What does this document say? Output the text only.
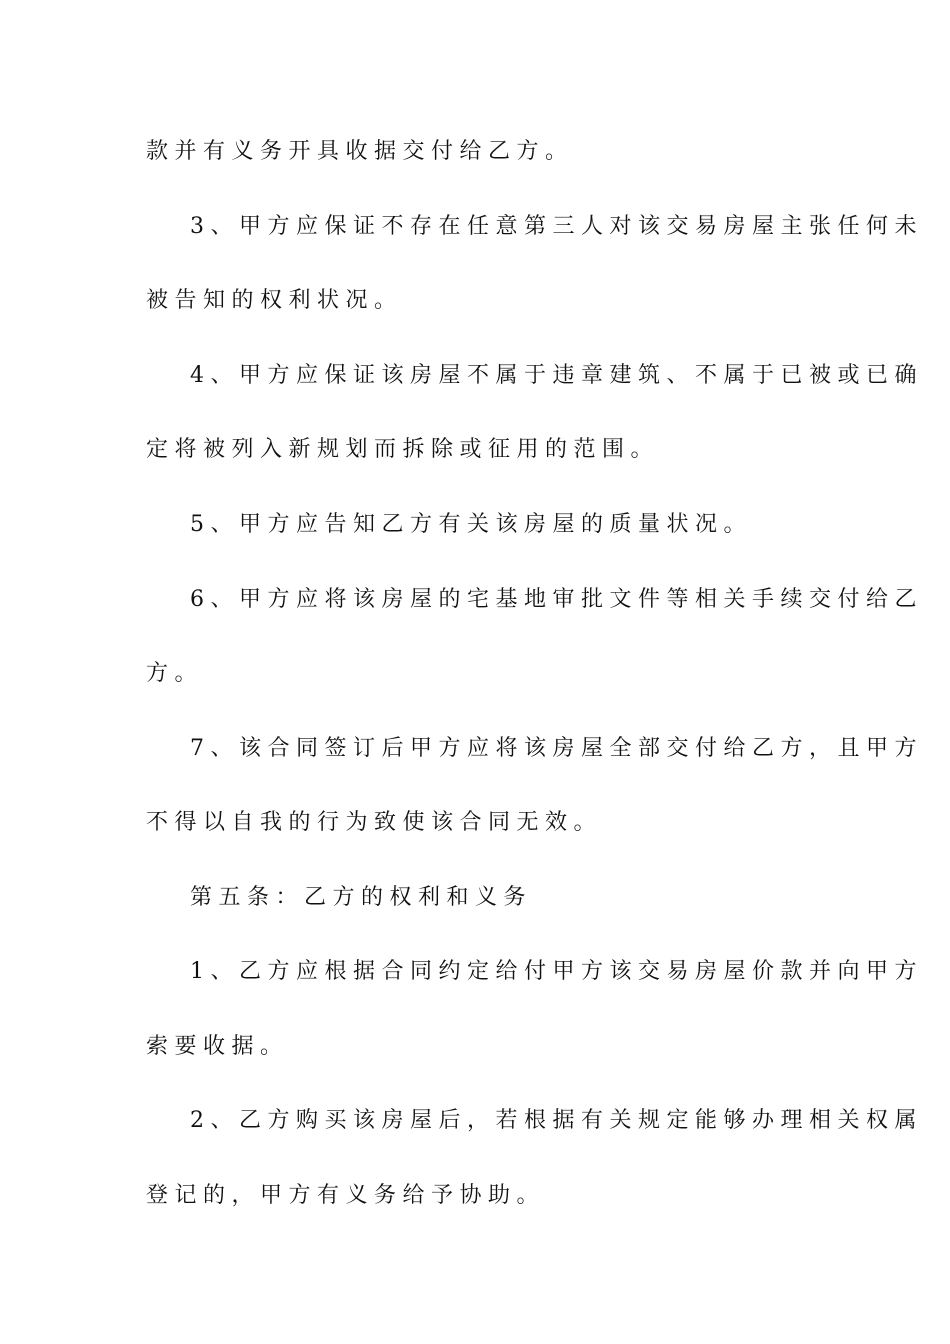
款并有义务开具收据交付给乙方。
3、甲方应保证不存在任意第三人对该交易房屋主张任何未
被告知的权利状况。
4、甲方应保证该房屋不属于违章建筑、不属于已被或已确
定将被列入新规划而拆除或征用的范围。
5、甲方应告知乙方有关该房屋的质量状况。
6、甲方应将该房屋的宅基地审批文件等相关手续交付给乙
方。
7、该合同签订后甲方应将该房屋全部交付给乙方，且甲方
不得以自我的行为致使该合同无效。
第五条：乙方的权利和义务
1、乙方应根据合同约定给付甲方该交易房屋价款并向甲方
索要收据。
2、乙方购买该房屋后，若根据有关规定能够办理相关权属
登记的，甲方有义务给予协助。
